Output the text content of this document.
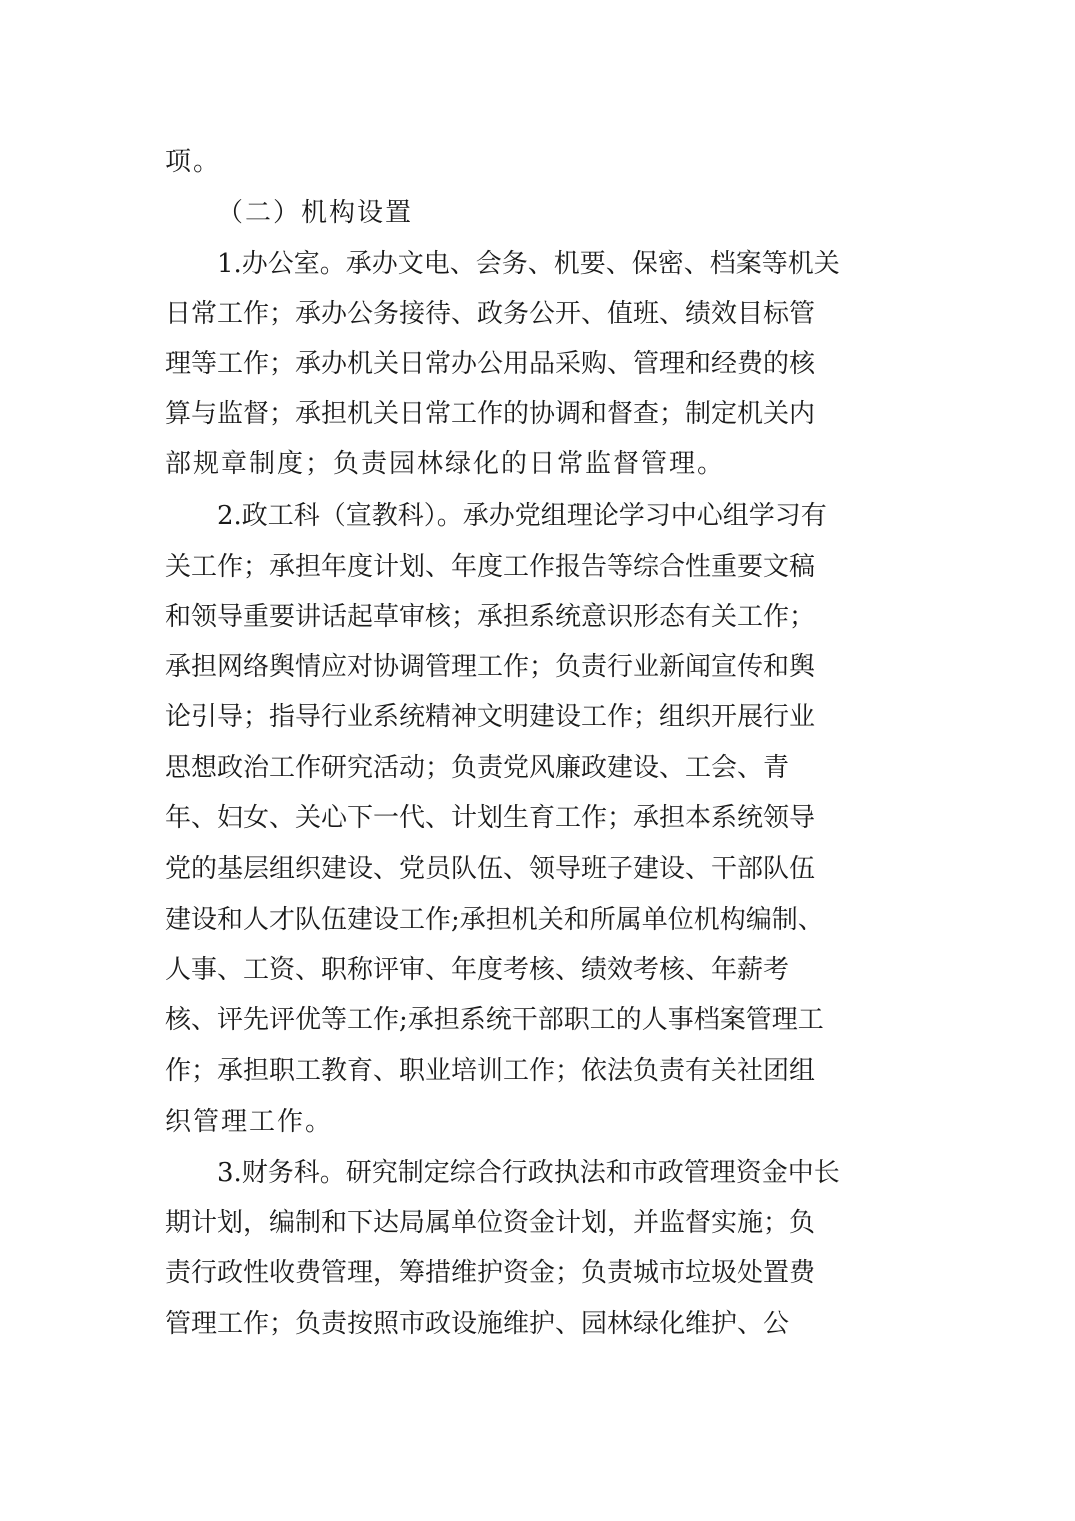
项。
（二）机构设置
1.办公室。承办文电、会务、机要、保密、档案等机关
日常工作；承办公务接待、政务公开、值班、绩效目标管
理等工作；承办机关日常办公用品采购、管理和经费的核
算与监督；承担机关日常工作的协调和督查；制定机关内
部规章制度；负责园林绿化的日常监督管理。
2.政工科（宣教科）。承办党组理论学习中心组学习有
关工作；承担年度计划、年度工作报告等综合性重要文稿
和领导重要讲话起草审核；承担系统意识形态有关工作；
承担网络舆情应对协调管理工作；负责行业新闻宣传和舆
论引导；指导行业系统精神文明建设工作；组织开展行业
思想政治工作研究活动；负责党风廉政建设、工会、青
年、妇女、关心下一代、计划生育工作；承担本系统领导
党的基层组织建设、党员队伍、领导班子建设、干部队伍
建设和人才队伍建设工作;承担机关和所属单位机构编制、
人事、工资、职称评审、年度考核、绩效考核、年薪考
核、评先评优等工作;承担系统干部职工的人事档案管理工
作；承担职工教育、职业培训工作；依法负责有关社团组
织管理工作。
3.财务科。研究制定综合行政执法和市政管理资金中长
期计划，编制和下达局属单位资金计划，并监督实施；负
责行政性收费管理，筹措维护资金；负责城市垃圾处置费
管理工作；负责按照市政设施维护、园林绿化维护、公
